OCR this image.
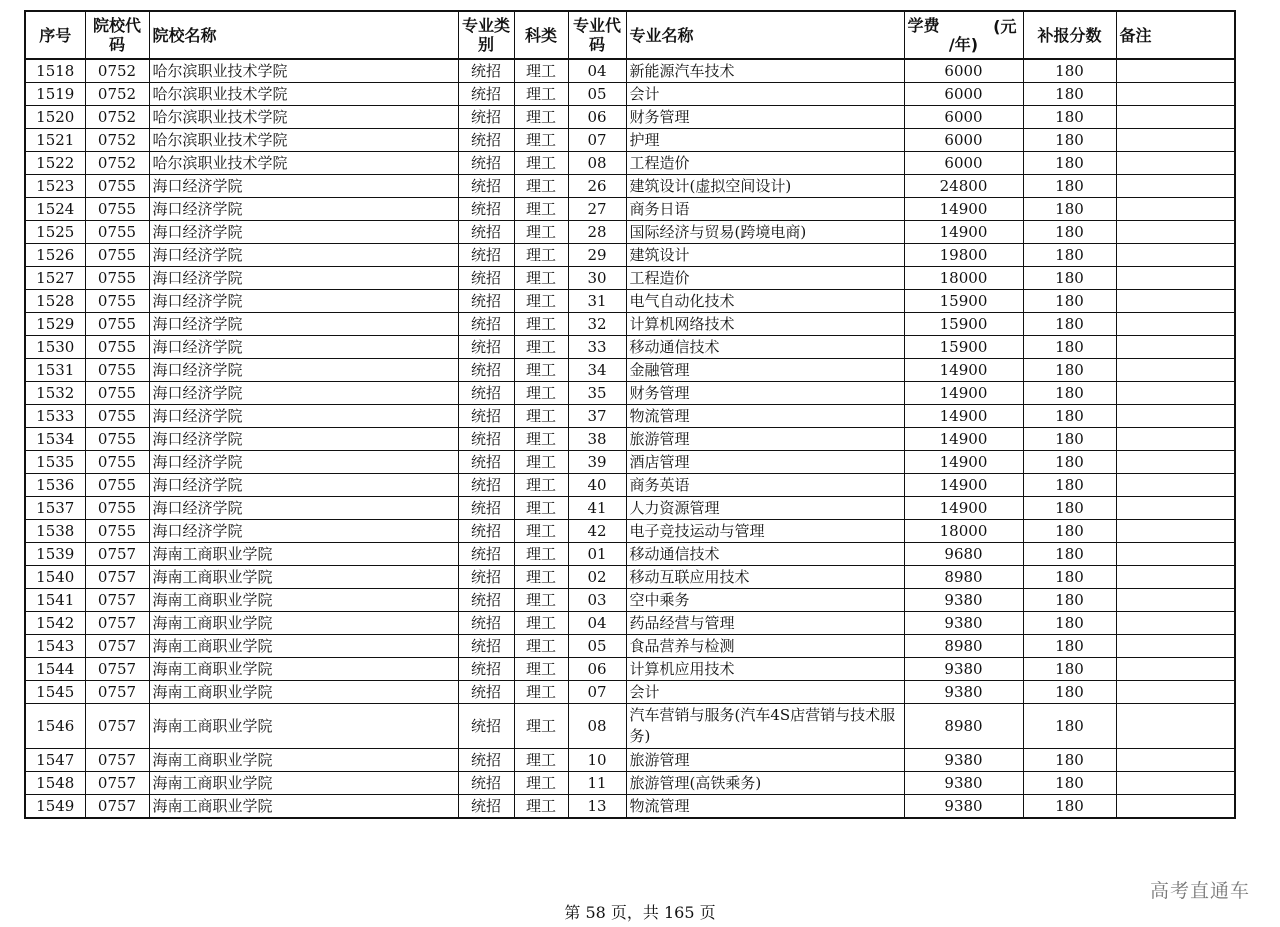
序号	院校代码	院校名称	专业类别	科类	专业代码	专业名称	学费 (元
/年)	补报分数	备注
1518	0752	哈尔滨职业技术学院	统招	理工	04	新能源汽车技术	6000	180	
1519	0752	哈尔滨职业技术学院	统招	理工	05	会计	6000	180	
1520	0752	哈尔滨职业技术学院	统招	理工	06	财务管理	6000	180	
1521	0752	哈尔滨职业技术学院	统招	理工	07	护理	6000	180	
1522	0752	哈尔滨职业技术学院	统招	理工	08	工程造价	6000	180	
1523	0755	海口经济学院	统招	理工	26	建筑设计(虚拟空间设计)	24800	180	
1524	0755	海口经济学院	统招	理工	27	商务日语	14900	180	
1525	0755	海口经济学院	统招	理工	28	国际经济与贸易(跨境电商)	14900	180	
1526	0755	海口经济学院	统招	理工	29	建筑设计	19800	180	
1527	0755	海口经济学院	统招	理工	30	工程造价	18000	180	
1528	0755	海口经济学院	统招	理工	31	电气自动化技术	15900	180	
1529	0755	海口经济学院	统招	理工	32	计算机网络技术	15900	180	
1530	0755	海口经济学院	统招	理工	33	移动通信技术	15900	180	
1531	0755	海口经济学院	统招	理工	34	金融管理	14900	180	
1532	0755	海口经济学院	统招	理工	35	财务管理	14900	180	
1533	0755	海口经济学院	统招	理工	37	物流管理	14900	180	
1534	0755	海口经济学院	统招	理工	38	旅游管理	14900	180	
1535	0755	海口经济学院	统招	理工	39	酒店管理	14900	180	
1536	0755	海口经济学院	统招	理工	40	商务英语	14900	180	
1537	0755	海口经济学院	统招	理工	41	人力资源管理	14900	180	
1538	0755	海口经济学院	统招	理工	42	电子竞技运动与管理	18000	180	
1539	0757	海南工商职业学院	统招	理工	01	移动通信技术	9680	180	
1540	0757	海南工商职业学院	统招	理工	02	移动互联应用技术	8980	180	
1541	0757	海南工商职业学院	统招	理工	03	空中乘务	9380	180	
1542	0757	海南工商职业学院	统招	理工	04	药品经营与管理	9380	180	
1543	0757	海南工商职业学院	统招	理工	05	食品营养与检测	8980	180	
1544	0757	海南工商职业学院	统招	理工	06	计算机应用技术	9380	180	
1545	0757	海南工商职业学院	统招	理工	07	会计	9380	180	
1546	0757	海南工商职业学院	统招	理工	08	汽车营销与服务(汽车4S店营销与技术服务)	8980	180	
1547	0757	海南工商职业学院	统招	理工	10	旅游管理	9380	180	
1548	0757	海南工商职业学院	统招	理工	11	旅游管理(高铁乘务)	9380	180	
1549	0757	海南工商职业学院	统招	理工	13	物流管理	9380	180	
第 58 页，共 165 页
高考直通车
